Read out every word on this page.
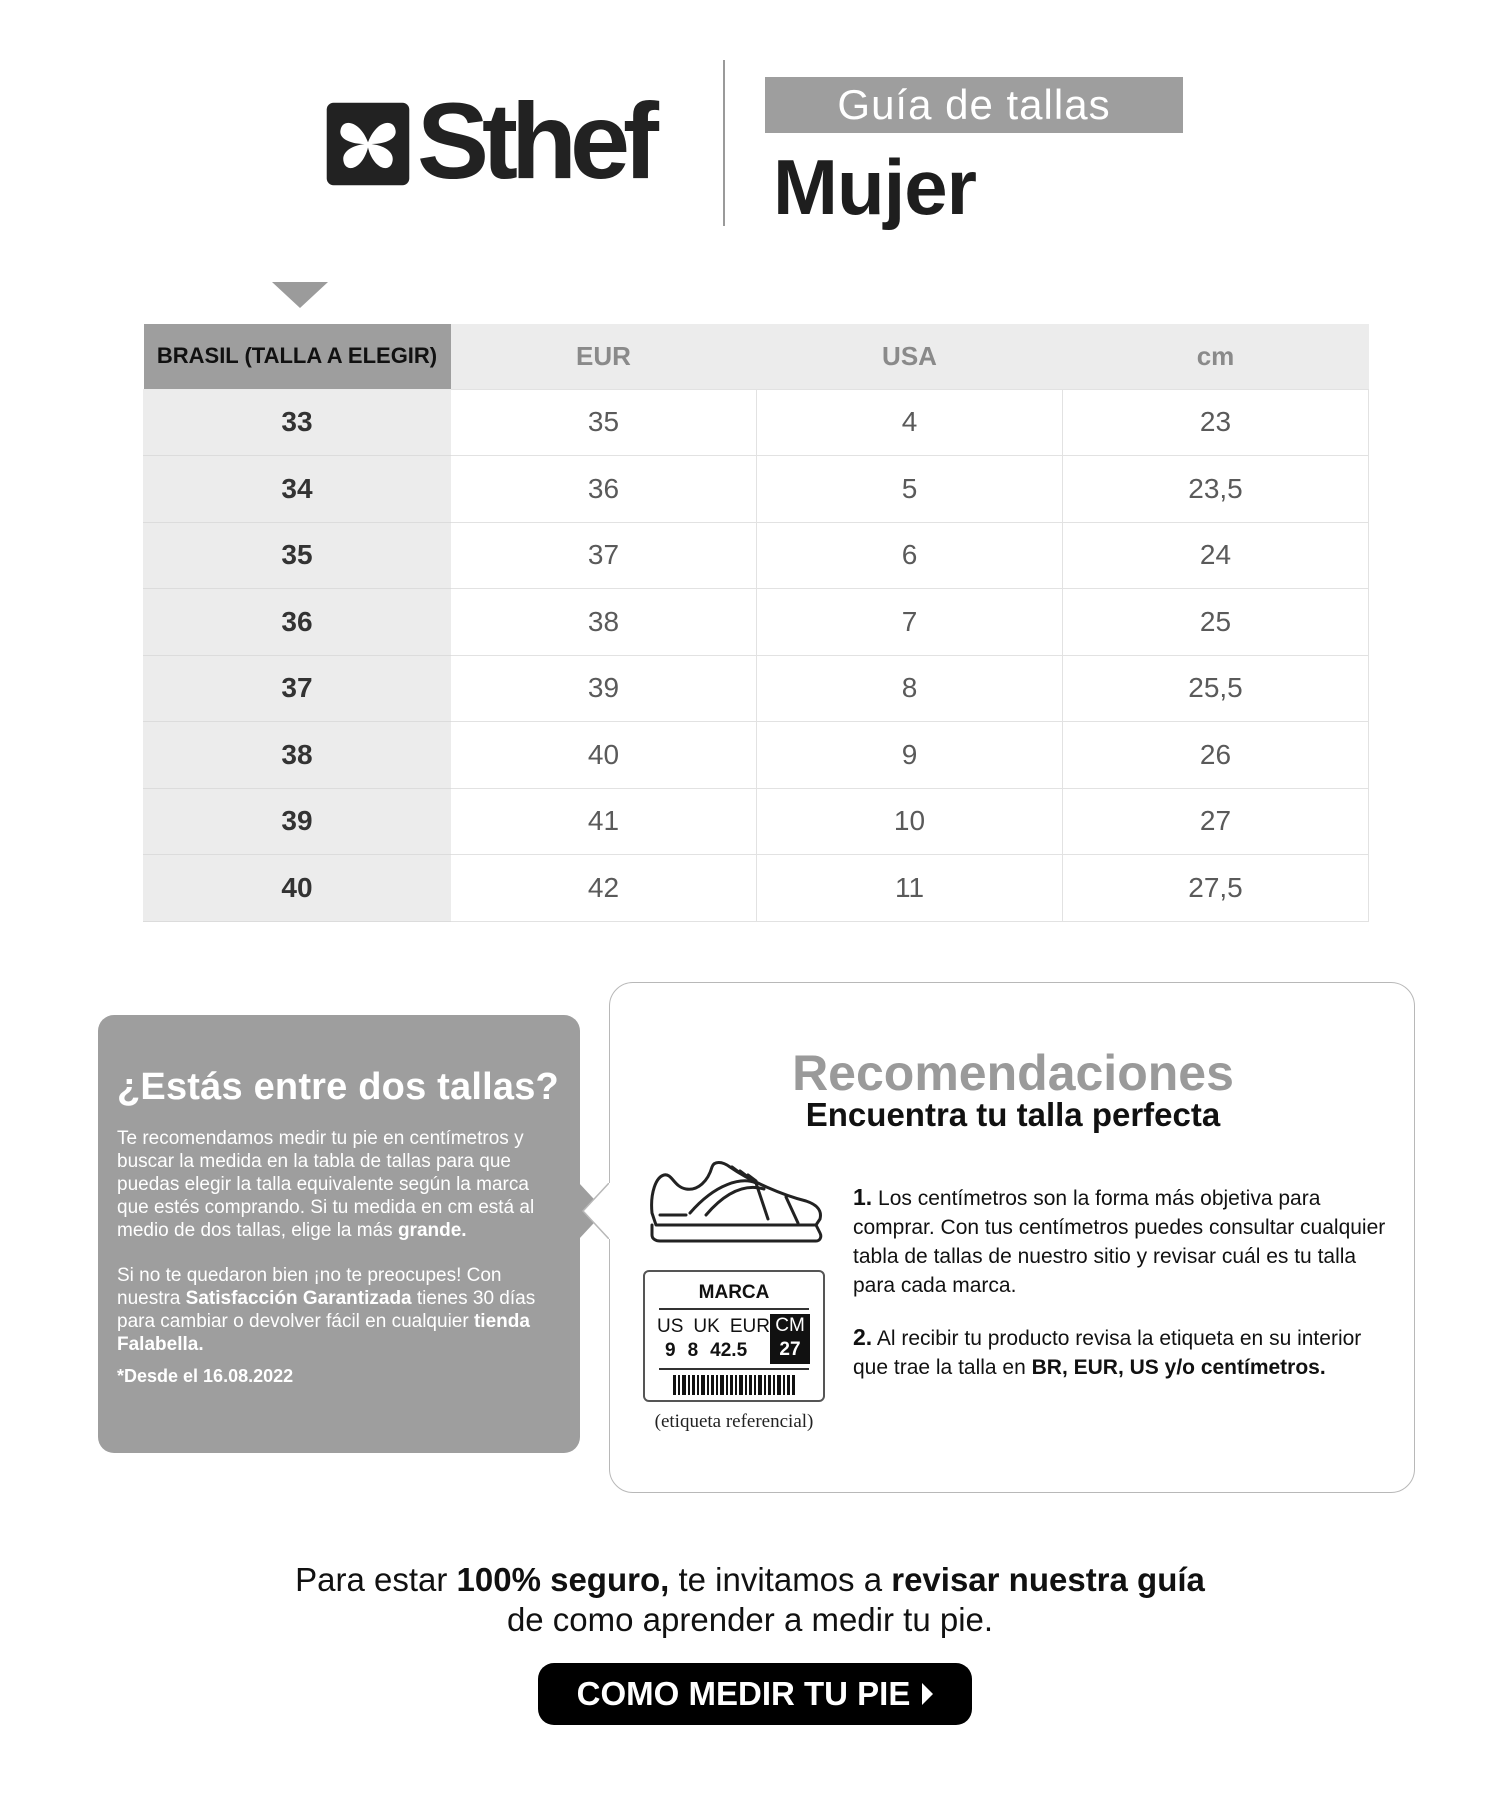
Sthef	Guía de tallas
Mujer
BRASIL (TALLA A ELEGIR)	EUR	USA	cm
33	35	4	23
34	36	5	23,5
35	37	6	24
36	38	7	25
37	39	8	25,5
38	40	9	26
39	41	10	27
40	42	11	27,5
¿Estás entre dos tallas?

Te recomendamos medir tu pie en centímetros y buscar la medida en la tabla de tallas para que puedas elegir la talla equivalente según la marca que estés comprando. Si tu medida en cm está al medio de dos tallas, elige la más grande.

Si no te quedaron bien ¡no te preocupes! Con nuestra Satisfacción Garantizada tienes 30 días para cambiar o devolver fácil en cualquier tienda Falabella.

*Desde el 16.08.2022
Recomendaciones
Encuentra tu talla perfecta
MARCA
US UK EUR
9 8 42.5
CM
27
(etiqueta referencial)
1. Los centímetros son la forma más objetiva para comprar. Con tus centímetros puedes consultar cualquier tabla de tallas de nuestro sitio y revisar cuál es tu talla para cada marca.
2. Al recibir tu producto revisa la etiqueta en su interior que trae la talla en BR, EUR, US y/o centímetros.
Para estar 100% seguro, te invitamos a revisar nuestra guía
de como aprender a medir tu pie.
COMO MEDIR TU PIE
